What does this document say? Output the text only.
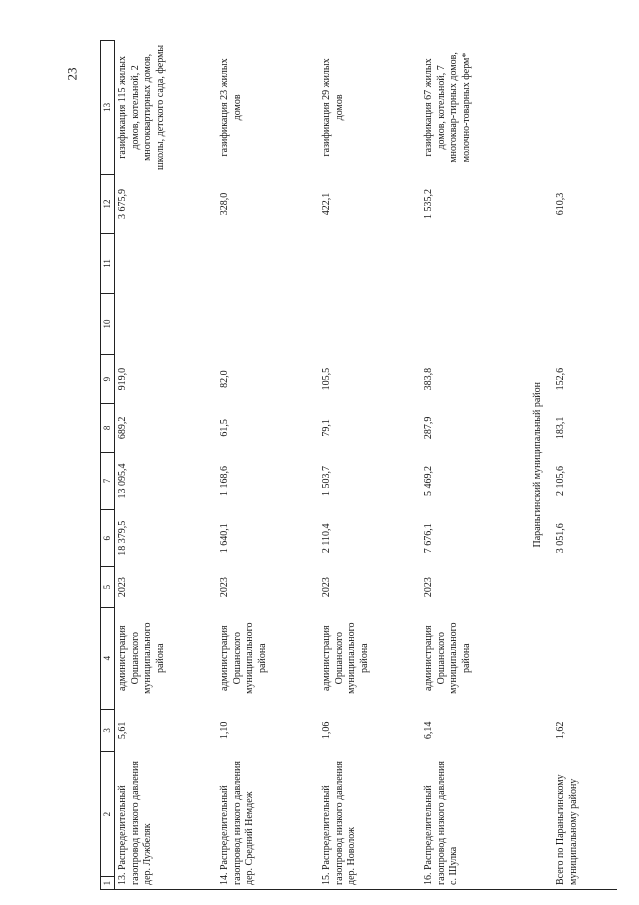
23
1	2	3	4	5	6	7	8	9	10	11	12	13
13. Распределительный газопровод низкого давления дер. Лужбеляк		5,61	администрация Оршанского муниципального района	2023	18 379,5	13 095,4	689,2	919,0			3 675,9	газификация 115 жилых домов, котельной, 2 многоквартирных домов, школы, детского сада, фермы
14. Распределительный газопровод низкого давления дер. Средний Немдеж		1,10	администрация Оршанского муниципального района	2023	1 640,1	1 168,6	61,5	82,0			328,0	газификация 23 жилых домов
15. Распределительный газопровод низкого давления дер. Новолож		1,06	администрация Оршанского муниципального района	2023	2 110,4	1 503,7	79,1	105,5			422,1	газификация 29 жилых домов
16. Распределительный газопровод низкого давления с. Шулка		6,14	администрация Оршанского муниципального района	2023	7 676,1	5 469,2	287,9	383,8			1 535,2	газификация 67 жилых домов, котельной, 7 многоквар-тирных домов, молочно-товарных ферм*
Параньгинский муниципальный район												
Всего по Параньгинскому муниципальному району		1,62			3 051,6	2 105,6	183,1	152,6			610,3	
